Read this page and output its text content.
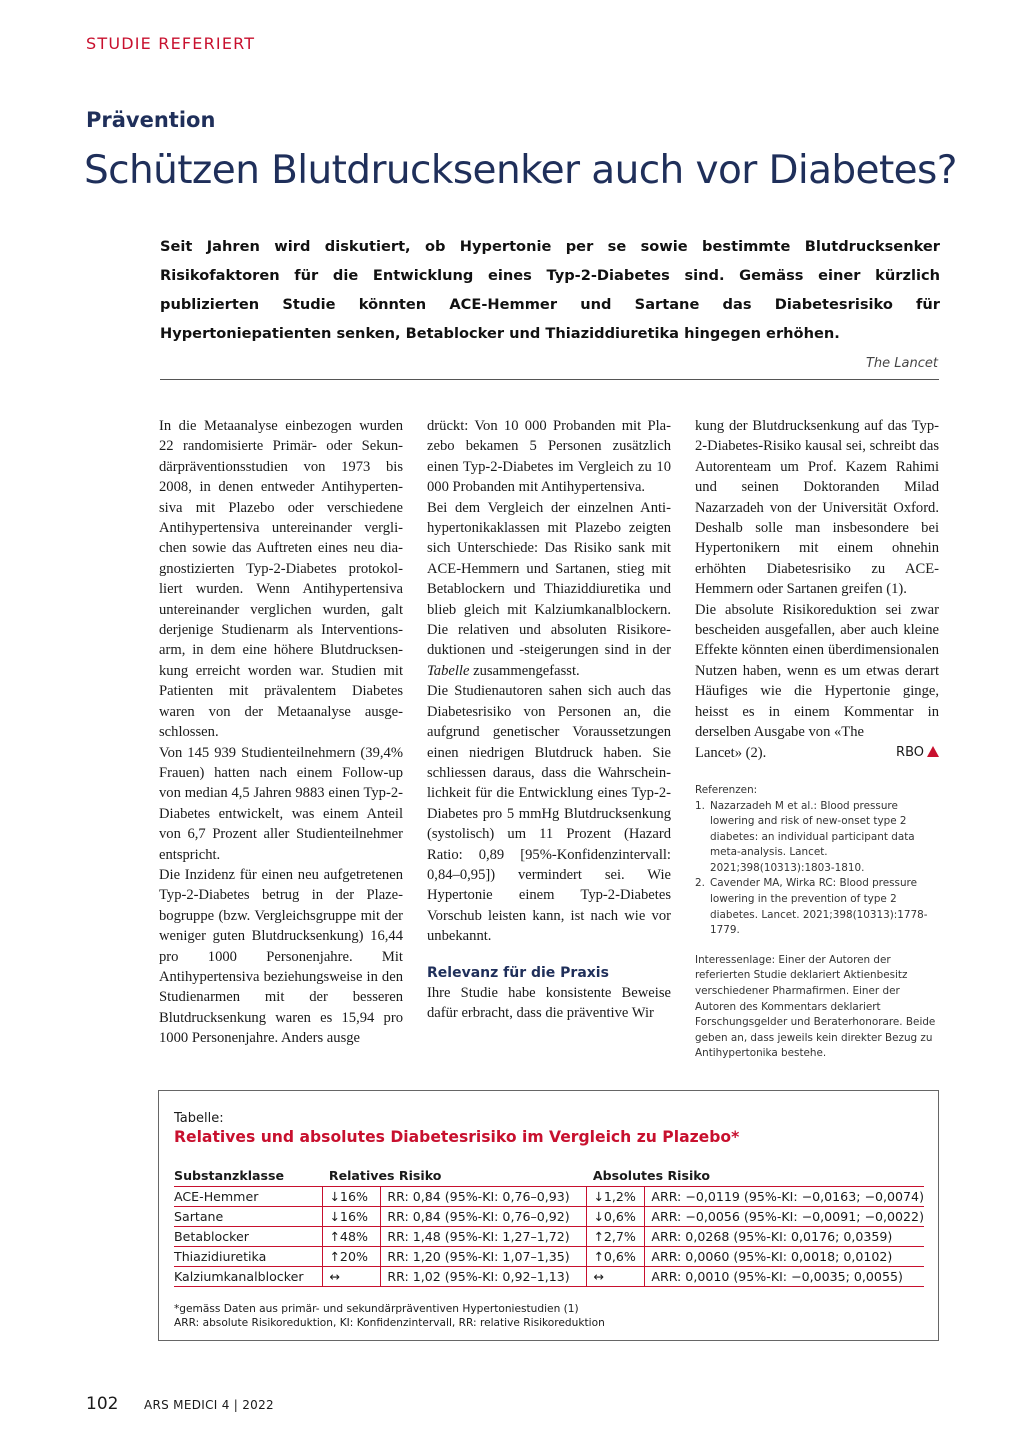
STUDIE REFERIERT
Prävention
Schützen Blutdrucksenker auch vor Diabetes?
Seit Jahren wird diskutiert, ob Hypertonie per se sowie bestimmte Blutdrucksenker Risikofaktoren für die Entwicklung eines Typ-2-Diabetes sind. Gemäss einer kürzlich publizierten Studie könnten ACE-Hemmer und Sartane das Diabetesrisiko für Hypertoniepatienten senken, Betablocker und Thiaziddiuretika hingegen erhöhen.
The Lancet

In die Metaanalyse einbezogen wurden 22 randomisierte Primär- oder Sekundärpräventionsstudien von 1973 bis 2008, in denen entweder Antihypertensiva mit Plazebo oder verschiedene Antihypertensiva untereinander verglichen sowie das Auftreten eines neu diagnostizierten Typ-2-Diabetes protokolliert wurden. Wenn Antihypertensiva untereinander verglichen wurden, galt derjenige Studienarm als Interventionsarm, in dem eine höhere Blutdrucksenkung erreicht worden war. Studien mit Patienten mit prävalentem Diabetes waren von der Metaanalyse ausgeschlossen.

Von 145 939 Studienteilnehmern (39,4% Frauen) hatten nach einem Follow-up von median 4,5 Jahren 9883 einen Typ-2-Diabetes entwickelt, was einem Anteil von 6,7 Prozent aller Studienteilnehmer entspricht.

Die Inzidenz für einen neu aufgetretenen Typ-2-Diabetes betrug in der Plazebogruppe (bzw. Vergleichsgruppe mit der weniger guten Blutdrucksenkung) 16,44 pro 1000 Personenjahre. Mit Antihypertensiva beziehungsweise in den Studienarmen mit der besseren Blutdrucksenkung waren es 15,94 pro 1000 Personenjahre. Anders ausge

drückt: Von 10 000 Probanden mit Plazebo bekamen 5 Personen zusätzlich einen Typ-2-Diabetes im Vergleich zu 10 000 Probanden mit Antihypertensiva.

Bei dem Vergleich der einzelnen Antihypertonikaklassen mit Plazebo zeigten sich Unterschiede: Das Risiko sank mit ACE-Hemmern und Sartanen, stieg mit Betablockern und Thiaziddiuretika und blieb gleich mit Kalziumkanalblockern. Die relativen und absoluten Risikoreduktionen und -steigerungen sind in der Tabelle zusammengefasst.

Die Studienautoren sahen sich auch das Diabetesrisiko von Personen an, die aufgrund genetischer Voraussetzungen einen niedrigen Blutdruck haben. Sie schliessen daraus, dass die Wahrscheinlichkeit für die Entwicklung eines Typ-2-Diabetes pro 5 mmHg Blutdrucksenkung (systolisch) um 11 Prozent (Hazard Ratio: 0,89 [95%-Konfidenzintervall: 0,84–0,95]) vermindert sei. Wie Hypertonie einem Typ-2-Diabetes Vorschub leisten kann, ist nach wie vor unbekannt.

Relevanz für die Praxis

Ihre Studie habe konsistente Beweise dafür erbracht, dass die präventive Wir

kung der Blutdrucksenkung auf das Typ-2-Diabetes-Risiko kausal sei, schreibt das Autorenteam um Prof. Kazem Rahimi und seinen Doktoranden Milad Nazarzadeh von der Universität Oxford. Deshalb solle man insbesondere bei Hypertonikern mit einem ohnehin erhöhten Diabetesrisiko zu ACE-Hemmern oder Sartanen greifen (1).

Die absolute Risikoreduktion sei zwar bescheiden ausgefallen, aber auch kleine Effekte könnten einen überdimensionalen Nutzen haben, wenn es um etwas derart Häufiges wie die Hypertonie ginge, heisst es in einem Kommentar in derselben Ausgabe von «The

Lancet» (2).	RBO
Referenzen:
1. Nazarzadeh M et al.: Blood pressure lowering and risk of new-onset type 2 diabetes: an individual participant data meta-analysis. Lancet. 2021;398(10313):1803-1810.
2. Cavender MA, Wirka RC: Blood pressure lowering in the prevention of type 2 diabetes. Lancet. 2021;398(10313):1778-1779.
Interessenlage: Einer der Autoren der referierten Studie deklariert Aktienbesitz verschiedener Pharmafirmen. Einer der Autoren des Kommentars deklariert Forschungsgelder und Beraterhonorare. Beide geben an, dass jeweils kein direkter Bezug zu Antihypertonika bestehe.
Tabelle:
Relatives und absolutes Diabetesrisiko im Vergleich zu Plazebo*
Substanzklasse	Relatives Risiko		Absolutes Risiko	
ACE-Hemmer	↓16%	RR: 0,84 (95%-KI: 0,76–0,93)	↓1,2%	ARR: −0,0119 (95%-KI: −0,0163; −0,0074)
Sartane	↓16%	RR: 0,84 (95%-KI: 0,76–0,92)	↓0,6%	ARR: −0,0056 (95%-KI: −0,0091; −0,0022)
Betablocker	↑48%	RR: 1,48 (95%-KI: 1,27–1,72)	↑2,7%	ARR: 0,0268 (95%-KI: 0,0176; 0,0359)
Thiazidiuretika	↑20%	RR: 1,20 (95%-KI: 1,07–1,35)	↑0,6%	ARR: 0,0060 (95%-KI: 0,0018; 0,0102)
Kalziumkanalblocker	↔	RR: 1,02 (95%-KI: 0,92–1,13)	↔	ARR: 0,0010 (95%-KI: −0,0035; 0,0055)
*gemäss Daten aus primär- und sekundärpräventiven Hypertoniestudien (1)
ARR: absolute Risikoreduktion, KI: Konfidenzintervall, RR: relative Risikoreduktion
102 ARS MEDICI 4 | 2022
